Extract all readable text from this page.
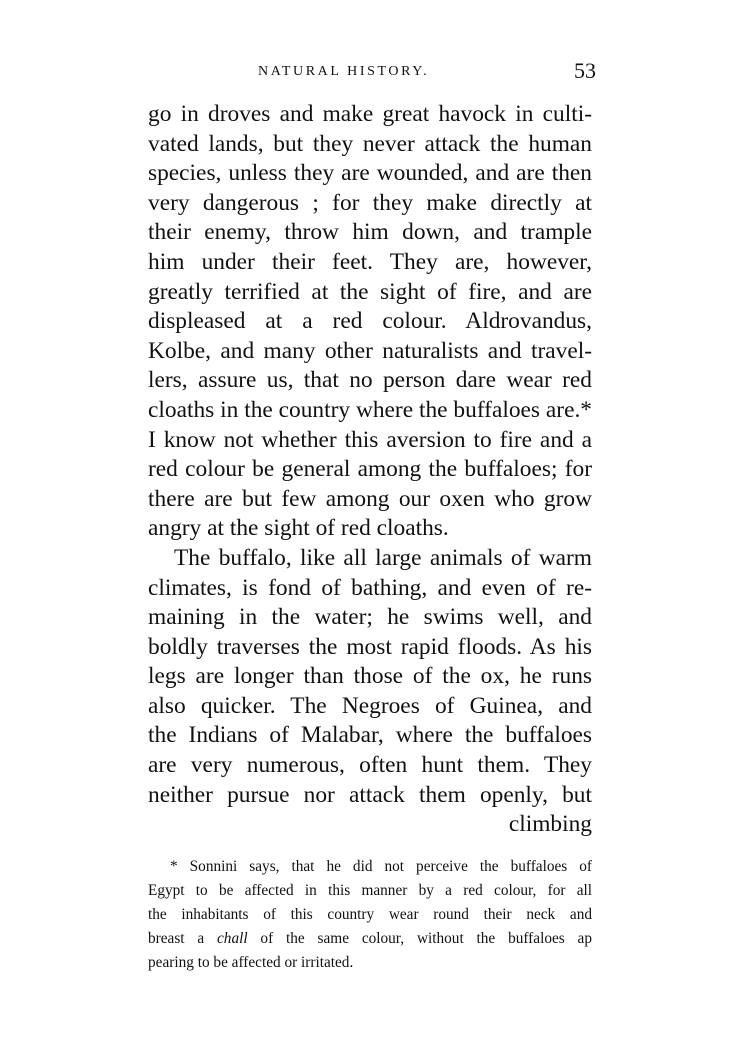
NATURAL HISTORY.	53
go in droves and make great havock in culti-
vated lands, but they never attack the human
species, unless they are wounded, and are then
very dangerous ; for they make directly at
their enemy, throw him down, and trample
him under their feet. They are, however,
greatly terrified at the sight of fire, and are
displeased at a red colour. Aldrovandus,
Kolbe, and many other naturalists and travel-
lers, assure us, that no person dare wear red
cloaths in the country where the buffaloes are.*
I know not whether this aversion to fire and a
red colour be general among the buffaloes; for
there are but few among our oxen who grow
angry at the sight of red cloaths.
The buffalo, like all large animals of warm
climates, is fond of bathing, and even of re-
maining in the water; he swims well, and
boldly traverses the most rapid floods. As his
legs are longer than those of the ox, he runs
also quicker. The Negroes of Guinea, and
the Indians of Malabar, where the buffaloes
are very numerous, often hunt them. They
neither pursue nor attack them openly, but
climbing
* Sonnini says, that he did not perceive the buffaloes of
Egypt to be affected in this manner by a red colour, for all
the inhabitants of this country wear round their neck and
breast a chall of the same colour, without the buffaloes ap
pearing to be affected or irritated.
